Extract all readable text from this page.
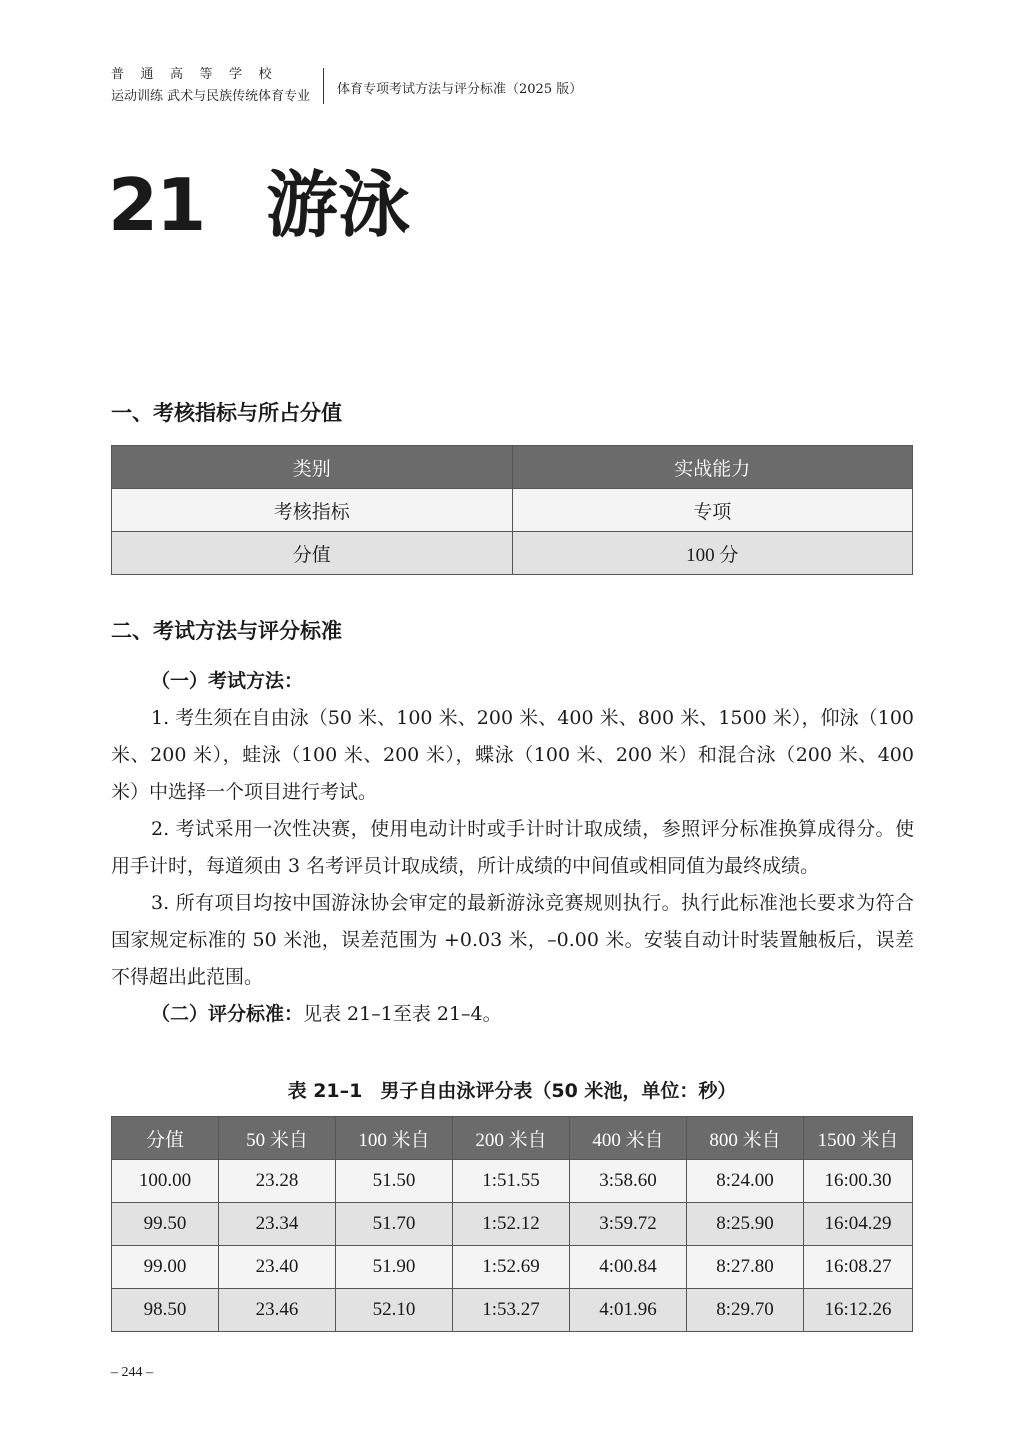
普通高等学校
运动训练 武术与民族传统体育专业	体育专项考试方法与评分标准（2025 版）
21 游泳
一、考核指标与所占分值
类别	实战能力
考核指标	专项
分值	100 分
二、考试方法与评分标准

（一）考试方法：

1. 考生须在自由泳（50 米、100 米、200 米、400 米、800 米、1500 米），仰泳（100 米、200 米），蛙泳（100 米、200 米），蝶泳（100 米、200 米）和混合泳（200 米、400 米）中选择一个项目进行考试。

2. 考试采用一次性决赛，使用电动计时或手计时计取成绩，参照评分标准换算成得分。使用手计时，每道须由 3 名考评员计取成绩，所计成绩的中间值或相同值为最终成绩。

3. 所有项目均按中国游泳协会审定的最新游泳竞赛规则执行。执行此标准池长要求为符合国家规定标准的 50 米池，误差范围为 +0.03 米，–0.00 米。安装自动计时装置触板后，误差不得超出此范围。

（二）评分标准：见表 21–1至表 21–4。

表 21–1 男子自由泳评分表（50 米池，单位：秒）
分值	50 米自	100 米自	200 米自	400 米自	800 米自	1500 米自
100.00	23.28	51.50	1:51.55	3:58.60	8:24.00	16:00.30
99.50	23.34	51.70	1:52.12	3:59.72	8:25.90	16:04.29
99.00	23.40	51.90	1:52.69	4:00.84	8:27.80	16:08.27
98.50	23.46	52.10	1:53.27	4:01.96	8:29.70	16:12.26
– 244 –
